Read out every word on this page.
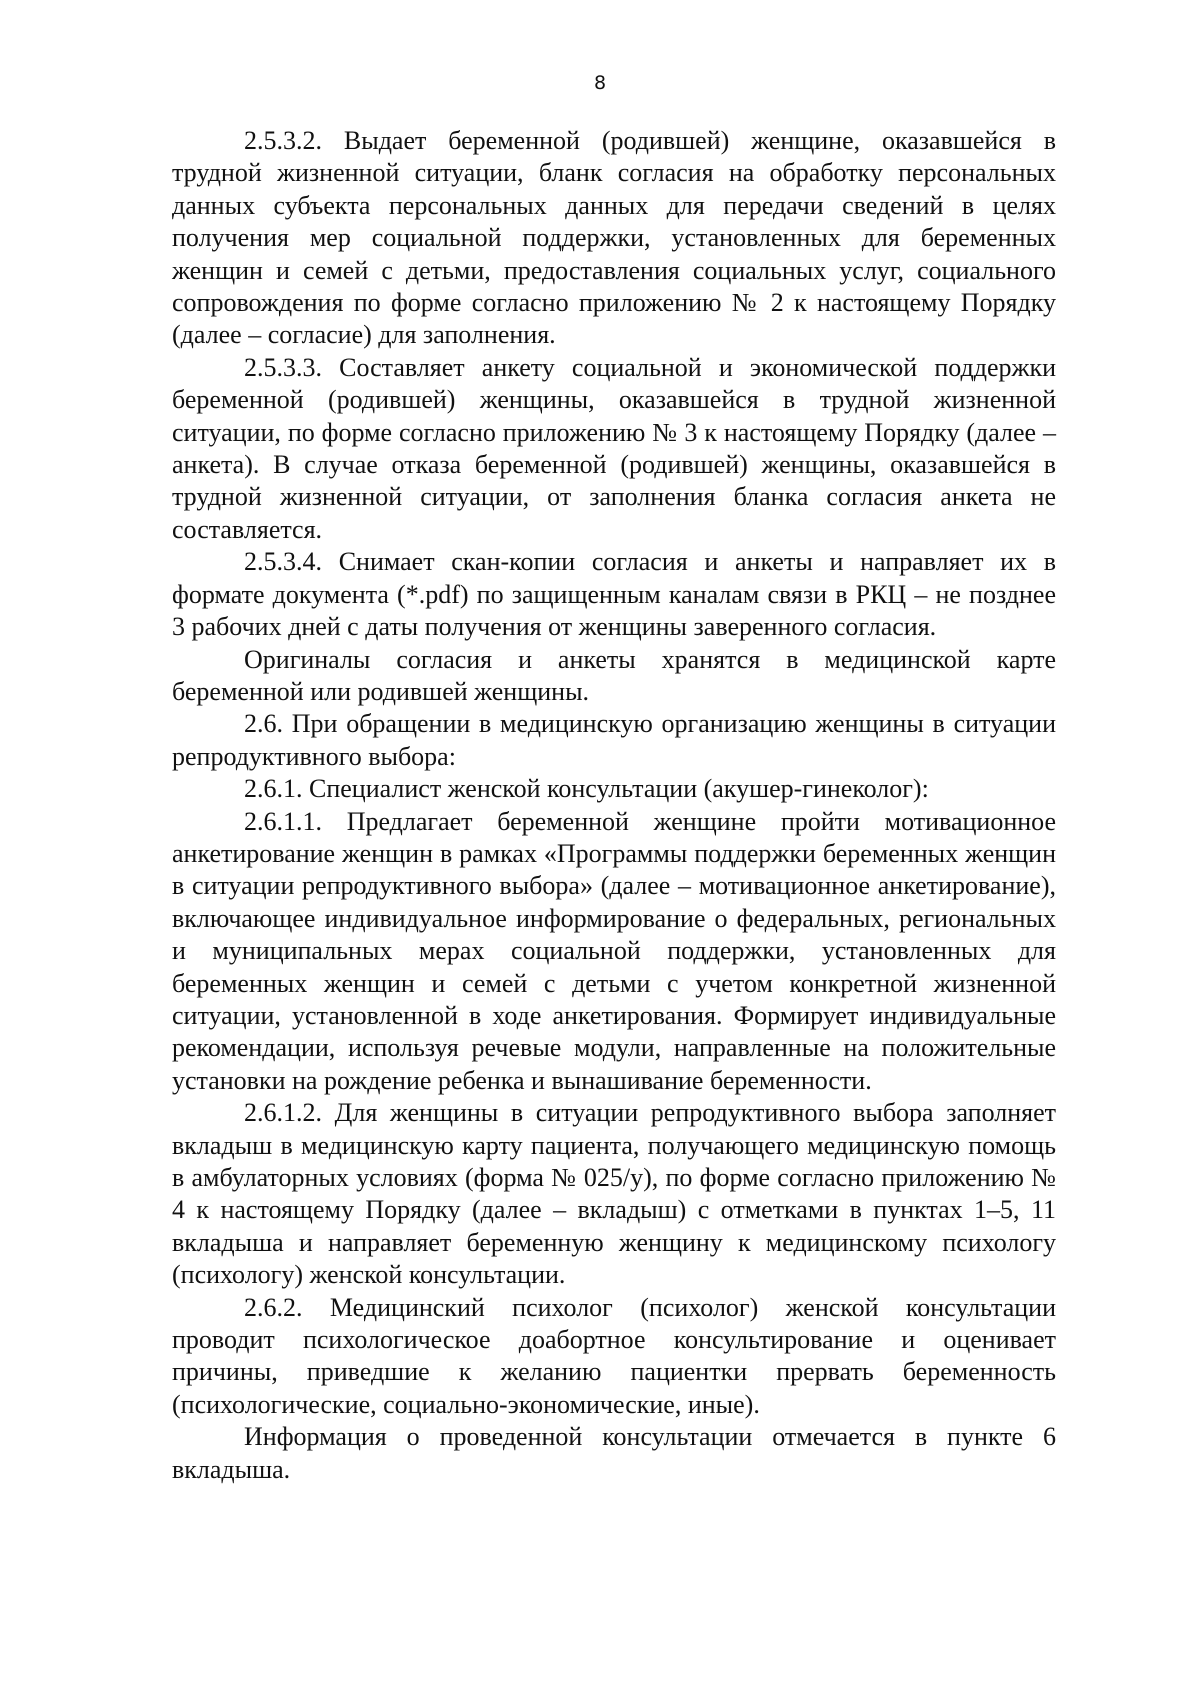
8

2.5.3.2. Выдает беременной (родившей) женщине, оказавшейся в трудной жизненной ситуации, бланк согласия на обработку персональных данных субъекта персональных данных для передачи сведений в целях получения мер социальной поддержки, установленных для беременных женщин и семей с детьми, предоставления социальных услуг, социального сопровождения по форме согласно приложению № 2 к настоящему Порядку (далее – согласие) для заполнения.

2.5.3.3. Составляет анкету социальной и экономической поддержки беременной (родившей) женщины, оказавшейся в трудной жизненной ситуации, по форме согласно приложению № 3 к настоящему Порядку (далее – анкета). В случае отказа беременной (родившей) женщины, оказавшейся в трудной жизненной ситуации, от заполнения бланка согласия анкета не составляется.

2.5.3.4. Снимает скан-копии согласия и анкеты и направляет их в формате документа (*.pdf) по защищенным каналам связи в РКЦ – не позднее 3 рабочих дней с даты получения от женщины заверенного согласия.

Оригиналы согласия и анкеты хранятся в медицинской карте беременной или родившей женщины.

2.6. При обращении в медицинскую организацию женщины в ситуации репродуктивного выбора:

2.6.1. Специалист женской консультации (акушер-гинеколог):

2.6.1.1. Предлагает беременной женщине пройти мотивационное анкетирование женщин в рамках «Программы поддержки беременных женщин в ситуации репродуктивного выбора» (далее – мотивационное анкетирование), включающее индивидуальное информирование о федеральных, региональных и муниципальных мерах социальной поддержки, установленных для беременных женщин и семей с детьми с учетом конкретной жизненной ситуации, установленной в ходе анкетирования. Формирует индивидуальные рекомендации, используя речевые модули, направленные на положительные установки на рождение ребенка и вынашивание беременности.

2.6.1.2. Для женщины в ситуации репродуктивного выбора заполняет вкладыш в медицинскую карту пациента, получающего медицинскую помощь в амбулаторных условиях (форма № 025/у), по форме согласно приложению № 4 к настоящему Порядку (далее – вкладыш) с отметками в пунктах 1–5, 11 вкладыша и направляет беременную женщину к медицинскому психологу (психологу) женской консультации.

2.6.2. Медицинский психолог (психолог) женской консультации проводит психологическое доабортное консультирование и оценивает причины, приведшие к желанию пациентки прервать беременность (психологические, социально-экономические, иные).

Информация о проведенной консультации отмечается в пункте 6 вкладыша.
